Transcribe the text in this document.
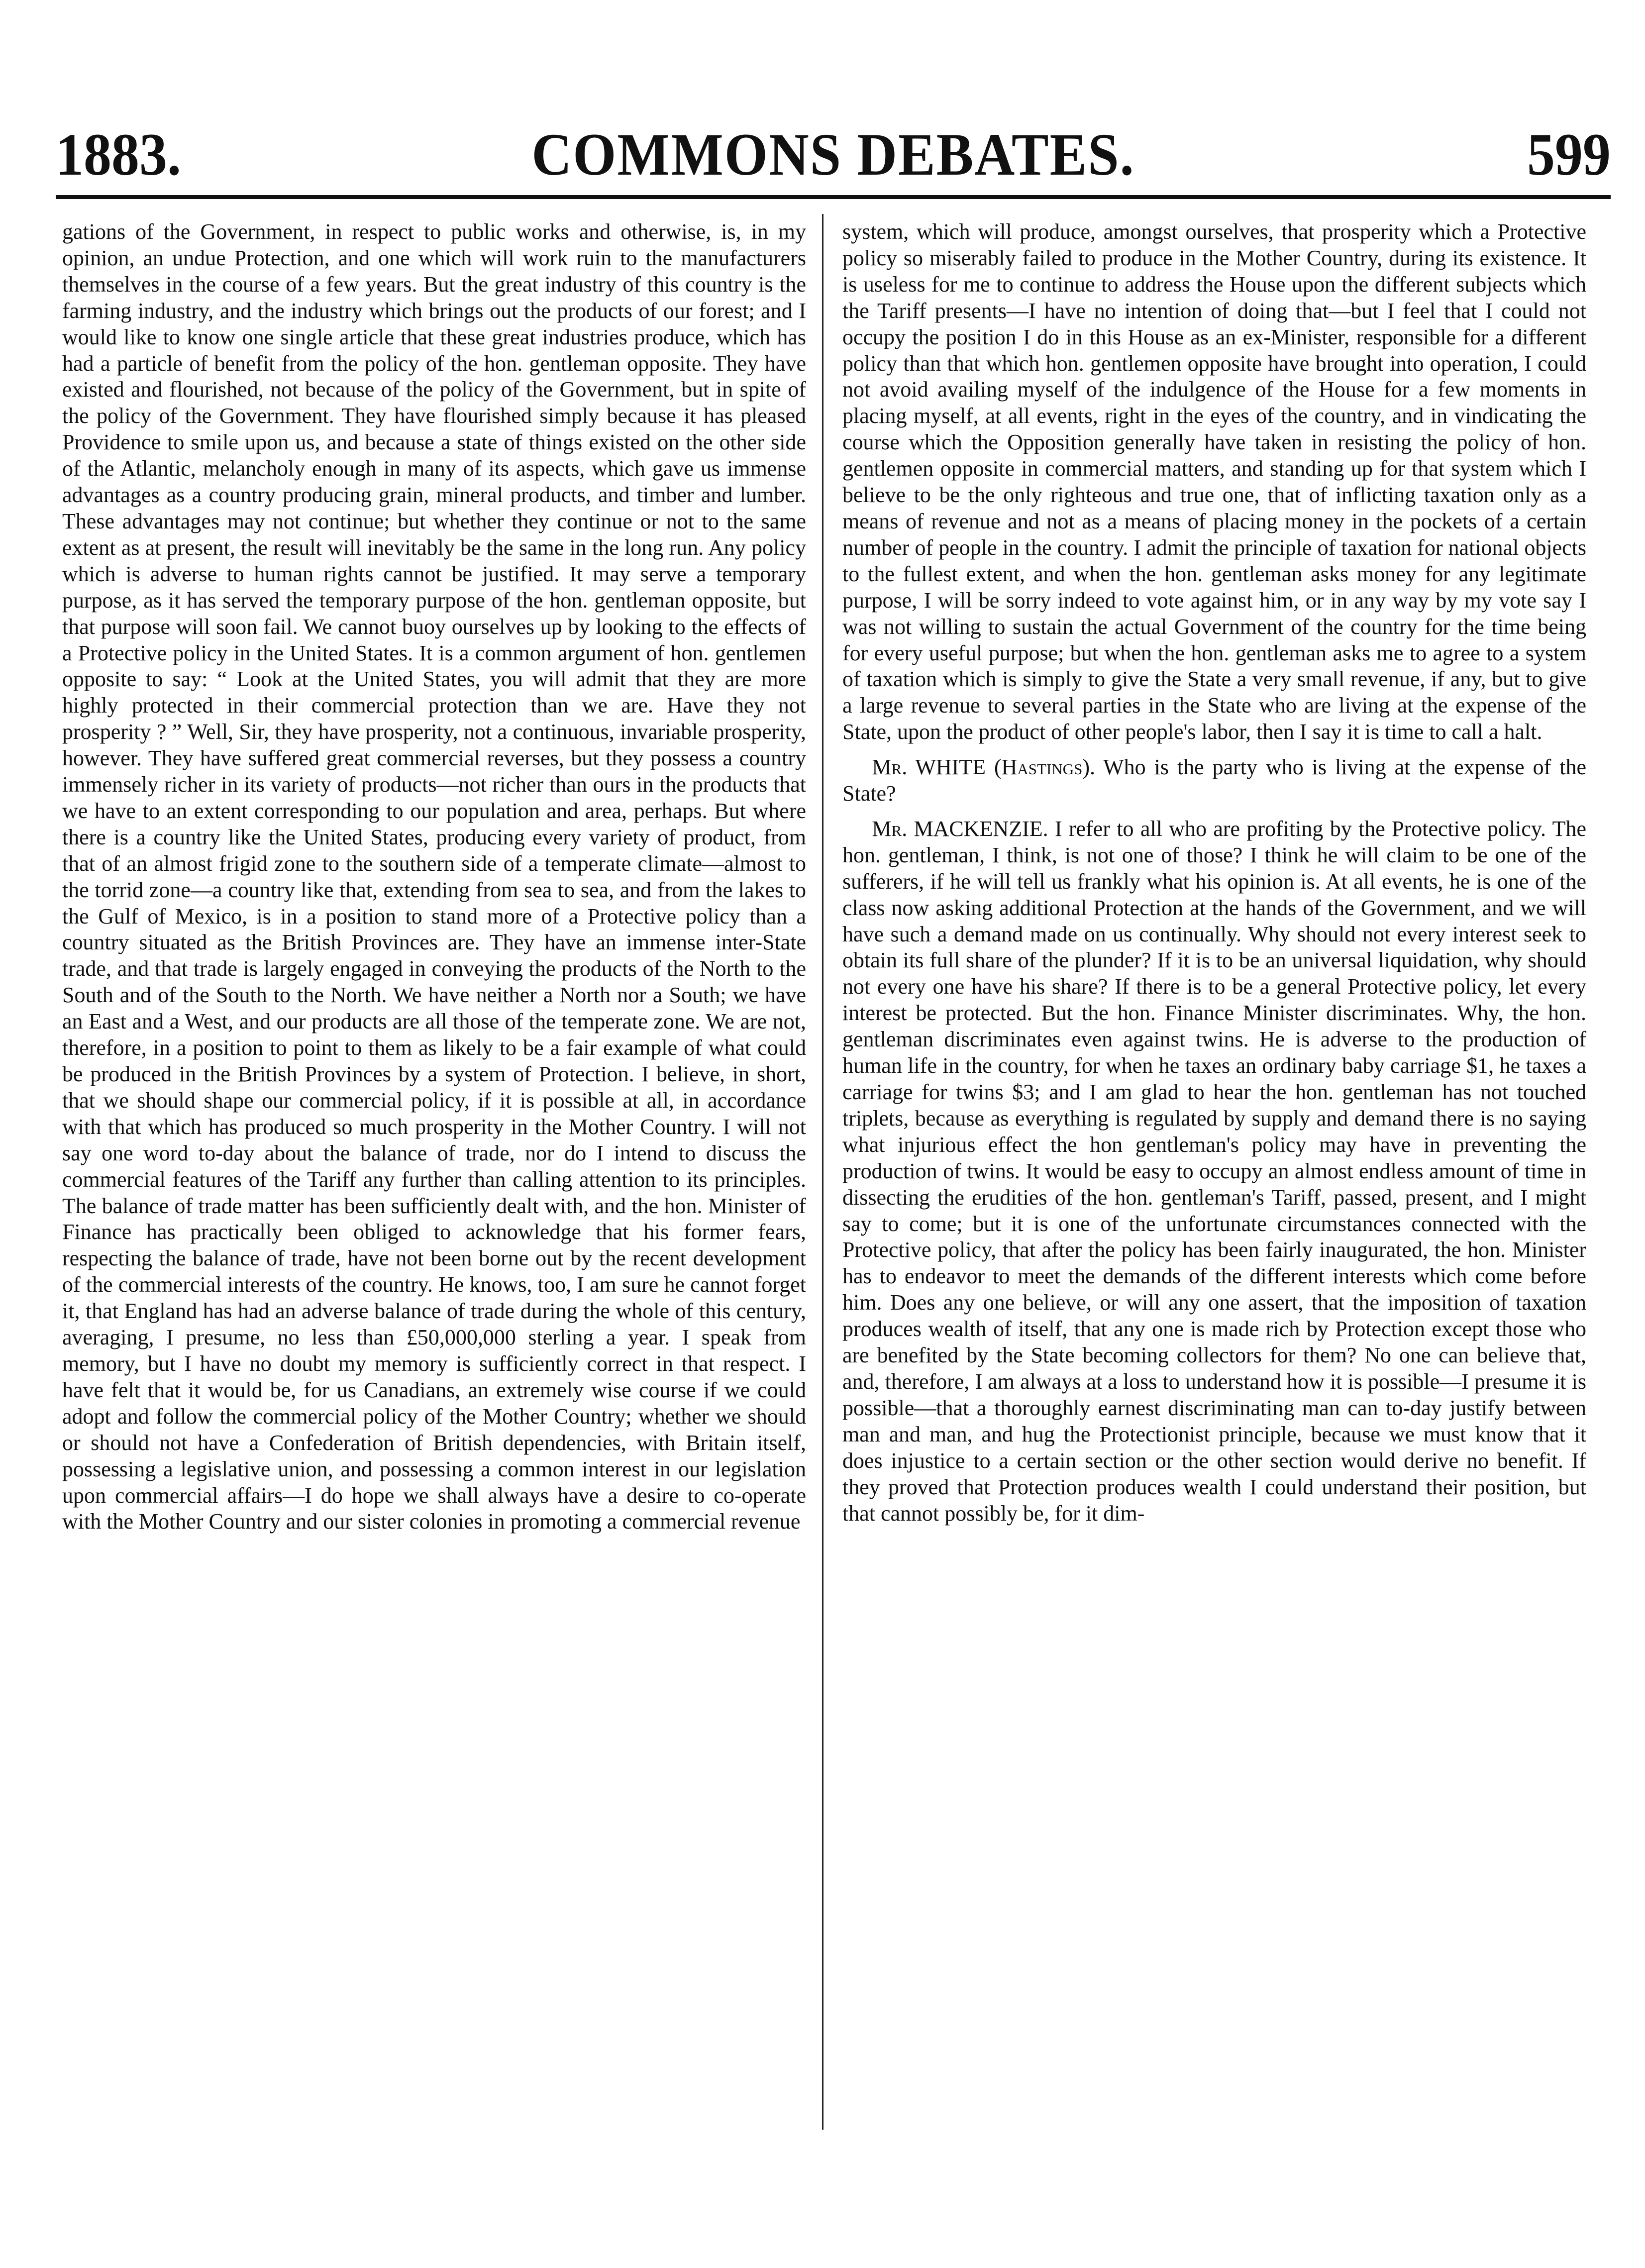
1883.	COMMONS DEBATES.	599

gations of the Government, in respect to public works and otherwise, is, in my opinion, an undue Protection, and one which will work ruin to the manufacturers themselves in the course of a few years. But the great industry of this country is the farming industry, and the industry which brings out the products of our forest; and I would like to know one single article that these great industries produce, which has had a particle of benefit from the policy of the hon. gentleman opposite. They have existed and flourished, not because of the policy of the Government, but in spite of the policy of the Government. They have flourished simply because it has pleased Providence to smile upon us, and because a state of things existed on the other side of the Atlantic, melancholy enough in many of its aspects, which gave us immense advantages as a country producing grain, mineral products, and timber and lumber. These advantages may not continue; but whether they continue or not to the same extent as at present, the result will inevitably be the same in the long run. Any policy which is adverse to human rights cannot be justified. It may serve a temporary purpose, as it has served the temporary purpose of the hon. gentleman opposite, but that purpose will soon fail. We cannot buoy ourselves up by looking to the effects of a Protective policy in the United States. It is a common argument of hon. gentlemen opposite to say: “ Look at the United States, you will admit that they are more highly protected in their commercial protection than we are. Have they not prosperity ? ” Well, Sir, they have prosperity, not a continuous, invariable prosperity, however. They have suffered great commercial reverses, but they possess a country immensely richer in its variety of products—not richer than ours in the products that we have to an extent corresponding to our population and area, perhaps. But where there is a country like the United States, producing every variety of product, from that of an almost frigid zone to the southern side of a temperate climate—almost to the torrid zone—a country like that, extending from sea to sea, and from the lakes to the Gulf of Mexico, is in a position to stand more of a Protective policy than a country situated as the British Provinces are. They have an immense inter-State trade, and that trade is largely engaged in conveying the products of the North to the South and of the South to the North. We have neither a North nor a South; we have an East and a West, and our products are all those of the temperate zone. We are not, therefore, in a position to point to them as likely to be a fair example of what could be produced in the British Provinces by a system of Protection. I believe, in short, that we should shape our commercial policy, if it is possible at all, in accordance with that which has produced so much prosperity in the Mother Country. I will not say one word to-day about the balance of trade, nor do I intend to discuss the commercial features of the Tariff any further than calling attention to its principles. The balance of trade matter has been sufficiently dealt with, and the hon. Minister of Finance has practically been obliged to acknowledge that his former fears, respecting the balance of trade, have not been borne out by the recent development of the commercial interests of the country. He knows, too, I am sure he cannot forget it, that England has had an adverse balance of trade during the whole of this century, averaging, I presume, no less than £50,000,000 sterling a year. I speak from memory, but I have no doubt my memory is sufficiently correct in that respect. I have felt that it would be, for us Canadians, an extremely wise course if we could adopt and follow the commercial policy of the Mother Country; whether we should or should not have a Confederation of British dependencies, with Britain itself, possessing a legislative union, and possessing a common interest in our legislation upon commercial affairs—I do hope we shall always have a desire to co-operate with the Mother Country and our sister colonies in promoting a commercial revenue

system, which will produce, amongst ourselves, that prosperity which a Protective policy so miserably failed to produce in the Mother Country, during its existence. It is useless for me to continue to address the House upon the different subjects which the Tariff presents—I have no intention of doing that—but I feel that I could not occupy the position I do in this House as an ex-Minister, responsible for a different policy than that which hon. gentlemen opposite have brought into operation, I could not avoid availing myself of the indulgence of the House for a few moments in placing myself, at all events, right in the eyes of the country, and in vindicating the course which the Opposition generally have taken in resisting the policy of hon. gentlemen opposite in commercial matters, and standing up for that system which I believe to be the only righteous and true one, that of inflicting taxation only as a means of revenue and not as a means of placing money in the pockets of a certain number of people in the country. I admit the principle of taxation for national objects to the fullest extent, and when the hon. gentleman asks money for any legitimate purpose, I will be sorry indeed to vote against him, or in any way by my vote say I was not willing to sustain the actual Government of the country for the time being for every useful purpose; but when the hon. gentleman asks me to agree to a system of taxation which is simply to give the State a very small revenue, if any, but to give a large revenue to several parties in the State who are living at the expense of the State, upon the product of other people's labor, then I say it is time to call a halt.

Mr. WHITE (Hastings). Who is the party who is living at the expense of the State?

Mr. MACKENZIE. I refer to all who are profiting by the Protective policy. The hon. gentleman, I think, is not one of those? I think he will claim to be one of the sufferers, if he will tell us frankly what his opinion is. At all events, he is one of the class now asking additional Protection at the hands of the Government, and we will have such a demand made on us continually. Why should not every interest seek to obtain its full share of the plunder? If it is to be an universal liquidation, why should not every one have his share? If there is to be a general Protective policy, let every interest be protected. But the hon. Finance Minister discriminates. Why, the hon. gentleman discriminates even against twins. He is adverse to the production of human life in the country, for when he taxes an ordinary baby carriage $1, he taxes a carriage for twins $3; and I am glad to hear the hon. gentleman has not touched triplets, because as everything is regulated by supply and demand there is no saying what injurious effect the hon gentleman's policy may have in preventing the production of twins. It would be easy to occupy an almost endless amount of time in dissecting the erudities of the hon. gentleman's Tariff, passed, present, and I might say to come; but it is one of the unfortunate circumstances connected with the Protective policy, that after the policy has been fairly inaugurated, the hon. Minister has to endeavor to meet the demands of the different interests which come before him. Does any one believe, or will any one assert, that the imposition of taxation produces wealth of itself, that any one is made rich by Protection except those who are benefited by the State becoming collectors for them? No one can believe that, and, therefore, I am always at a loss to understand how it is possible—I presume it is possible—that a thoroughly earnest discriminating man can to-day justify between man and man, and hug the Protectionist principle, because we must know that it does injustice to a certain section or the other section would derive no benefit. If they proved that Protection produces wealth I could understand their position, but that cannot possibly be, for it dim-
